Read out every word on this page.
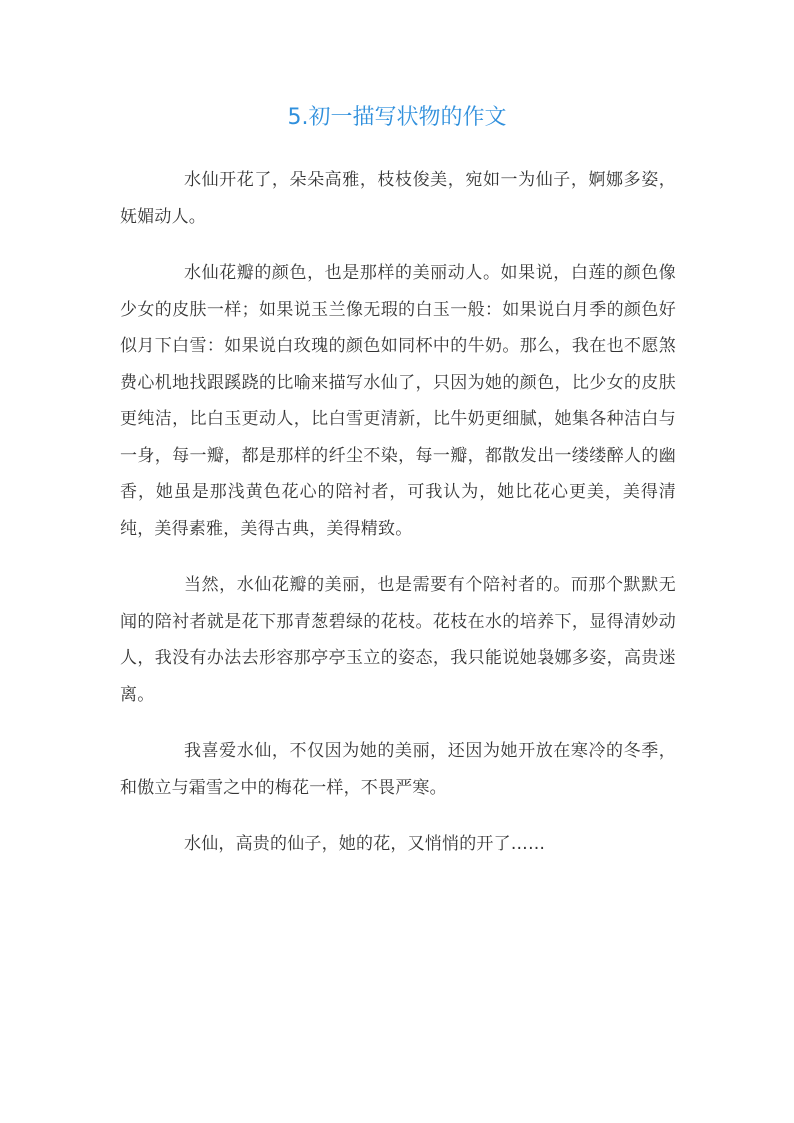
5.初一描写状物的作文

水仙开花了，朵朵高雅，枝枝俊美，宛如一为仙子，婀娜多姿，妩媚动人。

水仙花瓣的颜色，也是那样的美丽动人。如果说，白莲的颜色像少女的皮肤一样；如果说玉兰像无瑕的白玉一般：如果说白月季的颜色好似月下白雪：如果说白玫瑰的颜色如同杯中的牛奶。那么，我在也不愿煞费心机地找跟蹊跷的比喻来描写水仙了，只因为她的颜色，比少女的皮肤更纯洁，比白玉更动人，比白雪更清新，比牛奶更细腻，她集各种洁白与一身，每一瓣，都是那样的纤尘不染，每一瓣，都散发出一缕缕醉人的幽香，她虽是那浅黄色花心的陪衬者，可我认为，她比花心更美，美得清纯，美得素雅，美得古典，美得精致。

当然，水仙花瓣的美丽，也是需要有个陪衬者的。而那个默默无闻的陪衬者就是花下那青葱碧绿的花枝。花枝在水的培养下，显得清妙动人，我没有办法去形容那亭亭玉立的姿态，我只能说她袅娜多姿，高贵迷离。

我喜爱水仙，不仅因为她的美丽，还因为她开放在寒冷的冬季，和傲立与霜雪之中的梅花一样，不畏严寒。

水仙，高贵的仙子，她的花，又悄悄的开了……
